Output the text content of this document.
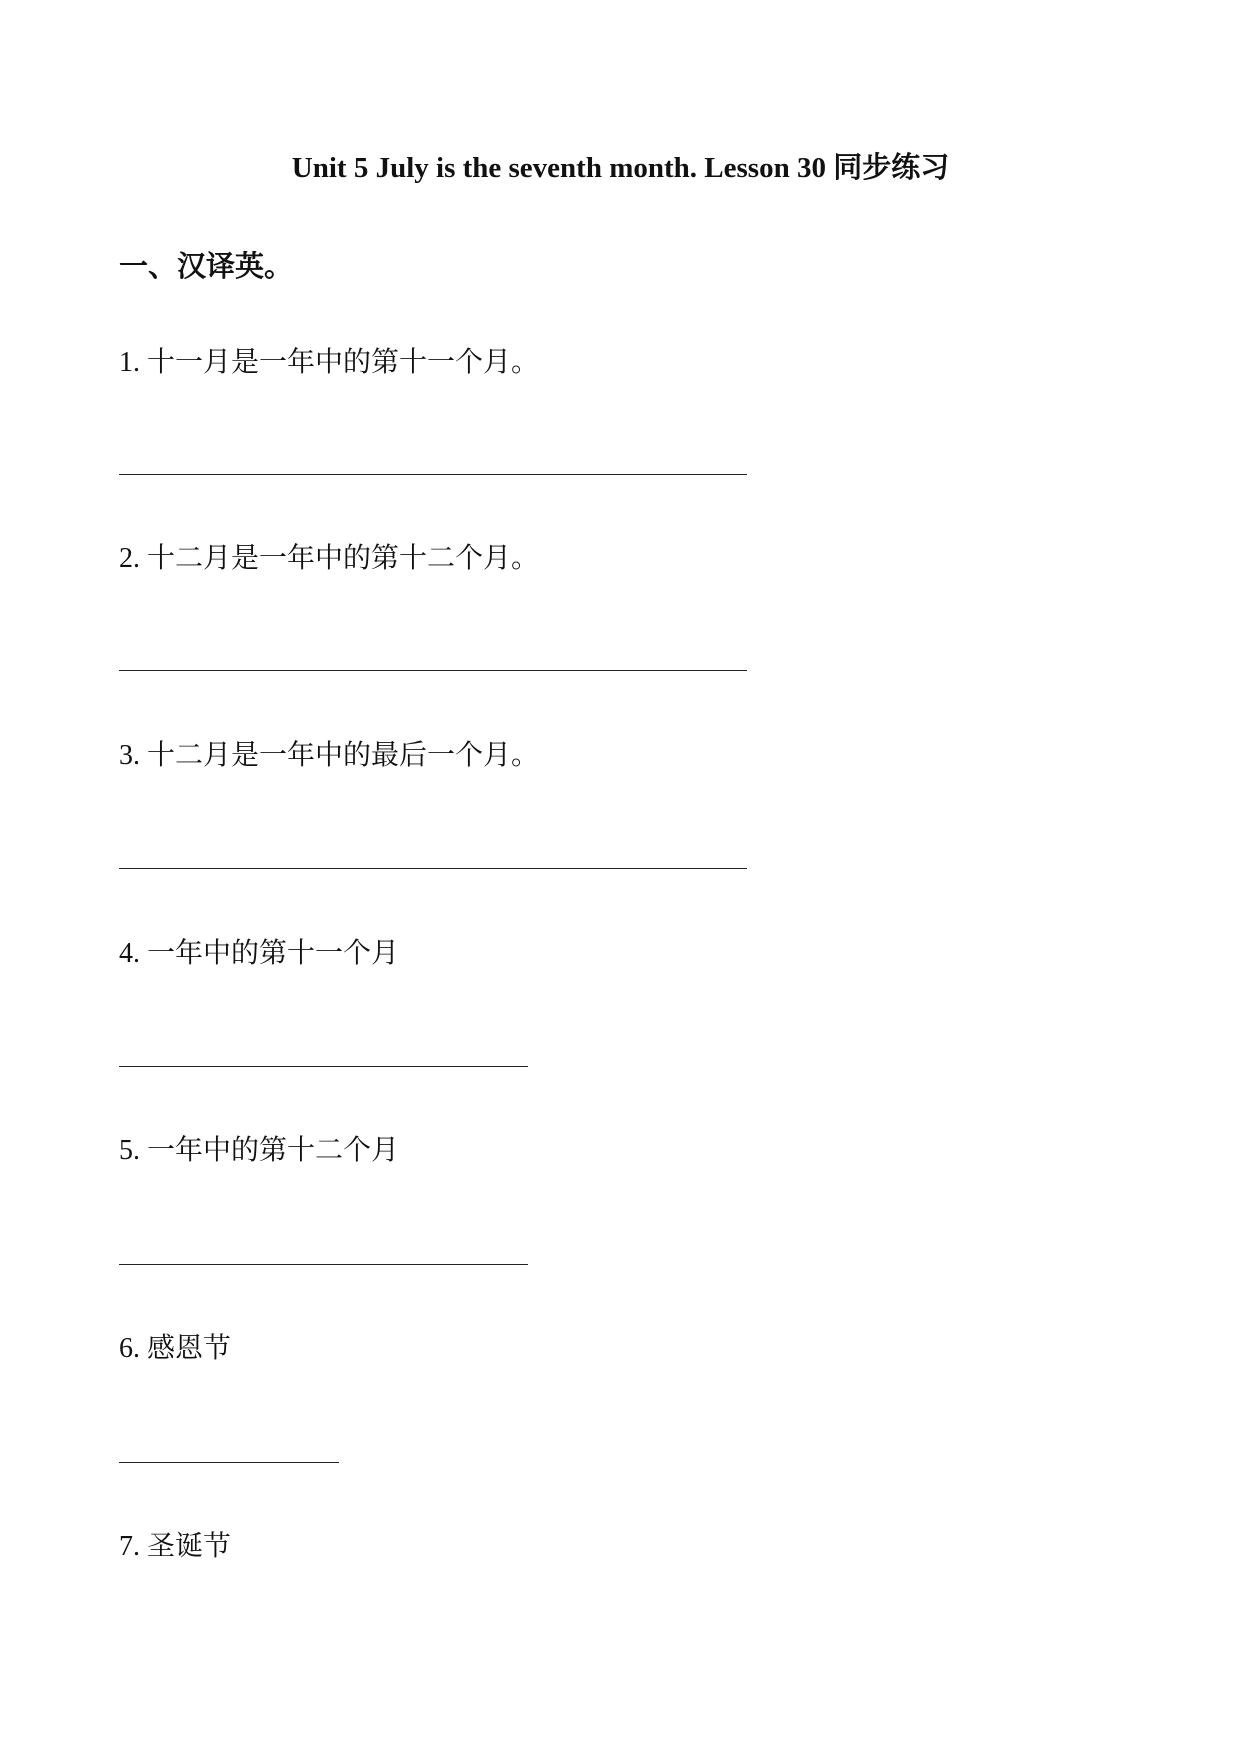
Unit 5 July is the seventh month. Lesson 30 同步练习
一、汉译英。
1. 十一月是一年中的第十一个月。
2. 十二月是一年中的第十二个月。
3. 十二月是一年中的最后一个月。
4. 一年中的第十一个月
5. 一年中的第十二个月
6. 感恩节
7. 圣诞节
